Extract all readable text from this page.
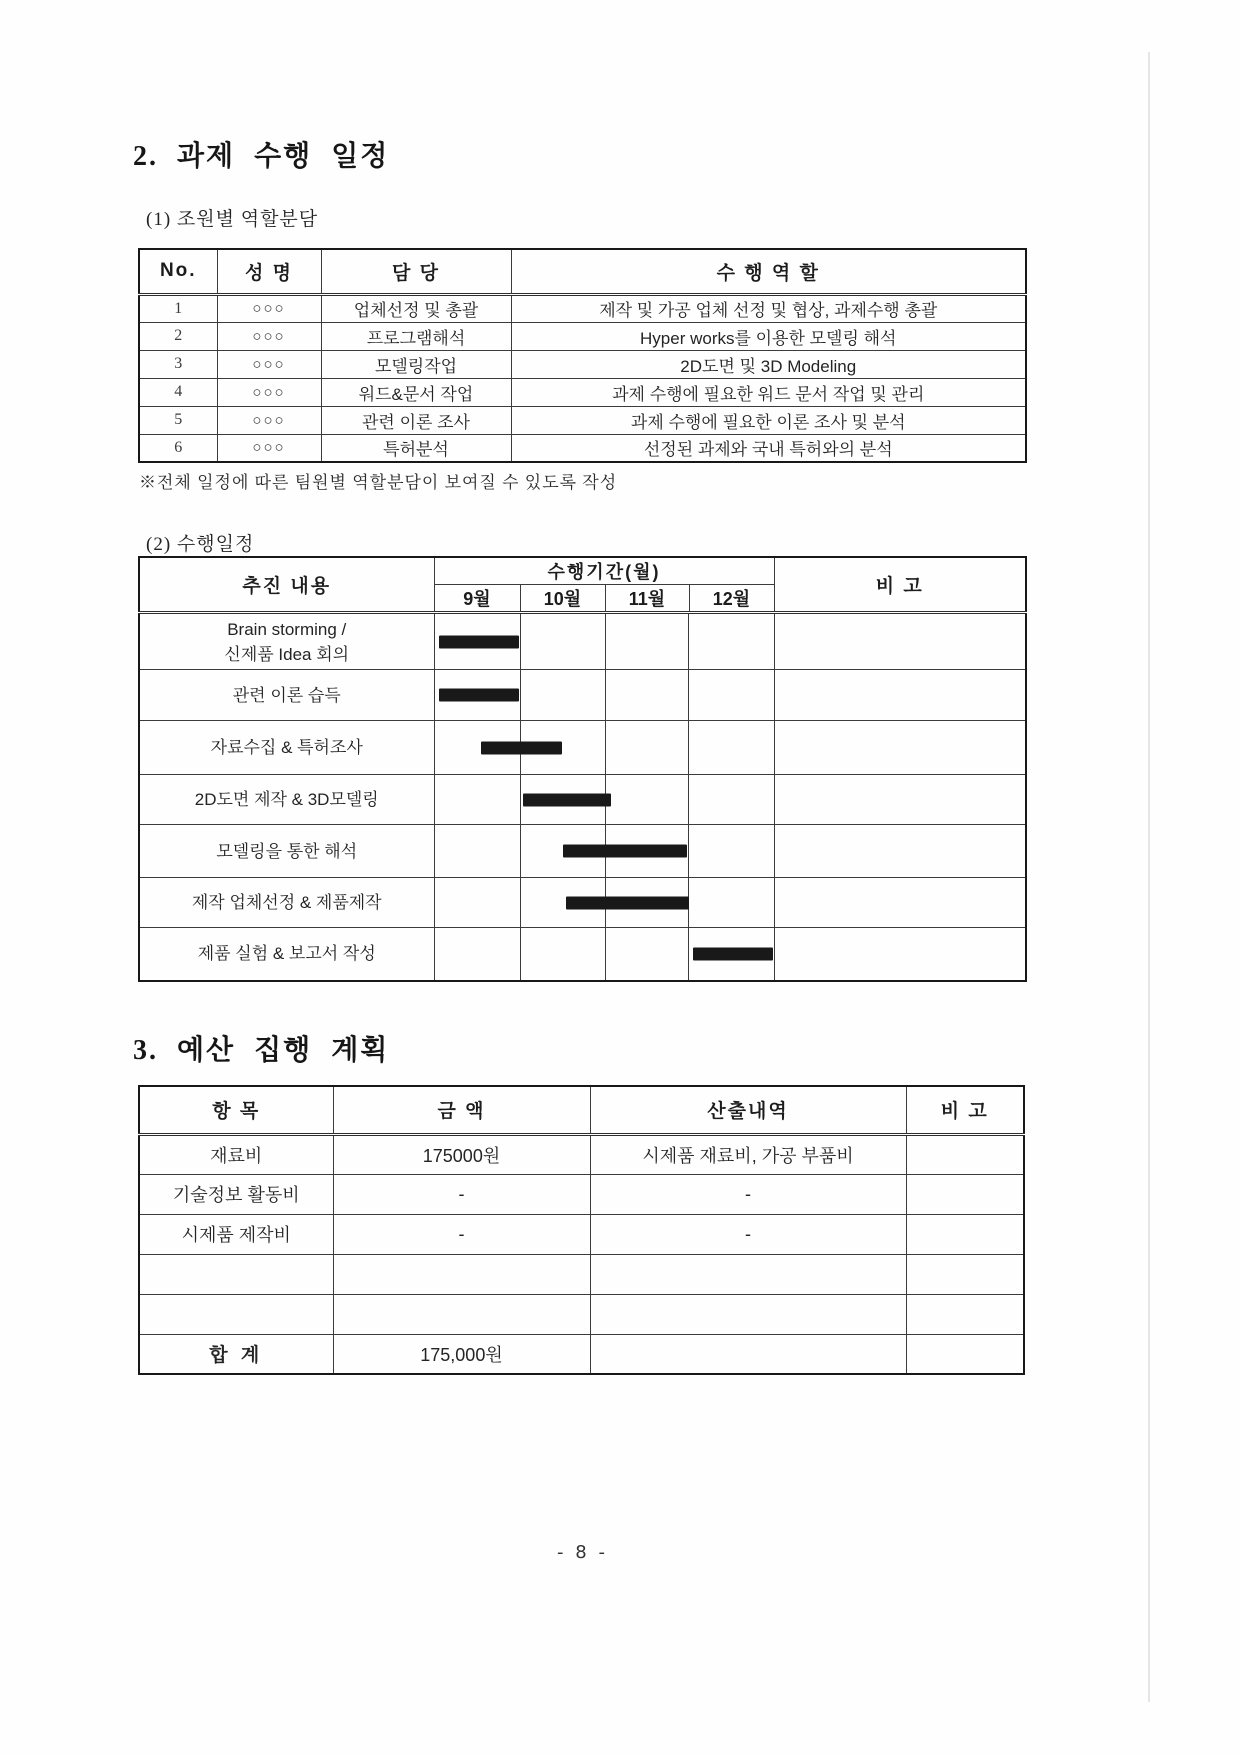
2. 과제 수행 일정
(1) 조원별 역할분담
No.	성 명	담 당	수 행 역 할
1	○○○	업체선정 및 총괄	제작 및 가공 업체 선정 및 협상, 과제수행 총괄
2	○○○	프로그램해석	Hyper works를 이용한 모델링 해석
3	○○○	모델링작업	2D도면 및 3D Modeling
4	○○○	워드&문서 작업	과제 수행에 필요한 워드 문서 작업 및 관리
5	○○○	관련 이론 조사	과제 수행에 필요한 이론 조사 및 분석
6	○○○	특허분석	선정된 과제와 국내 특허와의 분석
※전체 일정에 따른 팀원별 역할분담이 보여질 수 있도록 작성
(2) 수행일정
추진 내용	수행기간(월)				비 고
	9월	10월	11월	12월	

Brain storming /
신제품 Idea 회의					

관련 이론 습득					

자료수집 & 특허조사					

2D도면 제작 & 3D모델링					

모델링을 통한 해석					

제작 업체선정 & 제품제작					

제품 실험 & 보고서 작성					

3. 예산 집행 계획
항 목	금 액	산출내역	비 고
재료비	175000원	시제품 재료비, 가공 부품비	
기술정보 활동비	-	-	
시제품 제작비	-	-	

합 계	175,000원		
- 8 -
